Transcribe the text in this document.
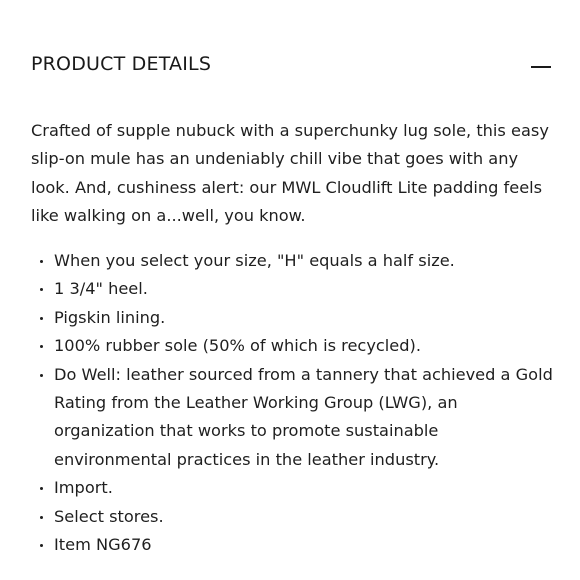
PRODUCT DETAILS

Crafted of supple nubuck with a superchunky lug sole, this easy slip-on mule has an undeniably chill vibe that goes with any look. And, cushiness alert: our MWL Cloudlift Lite padding feels like walking on a...well, you know.

When you select your size, "H" equals a half size.
1 3/4" heel.
Pigskin lining.
100% rubber sole (50% of which is recycled).
Do Well: leather sourced from a tannery that achieved a Gold Rating from the Leather Working Group (LWG), an organization that works to promote sustainable environmental practices in the leather industry.
Import.
Select stores.
Item NG676
